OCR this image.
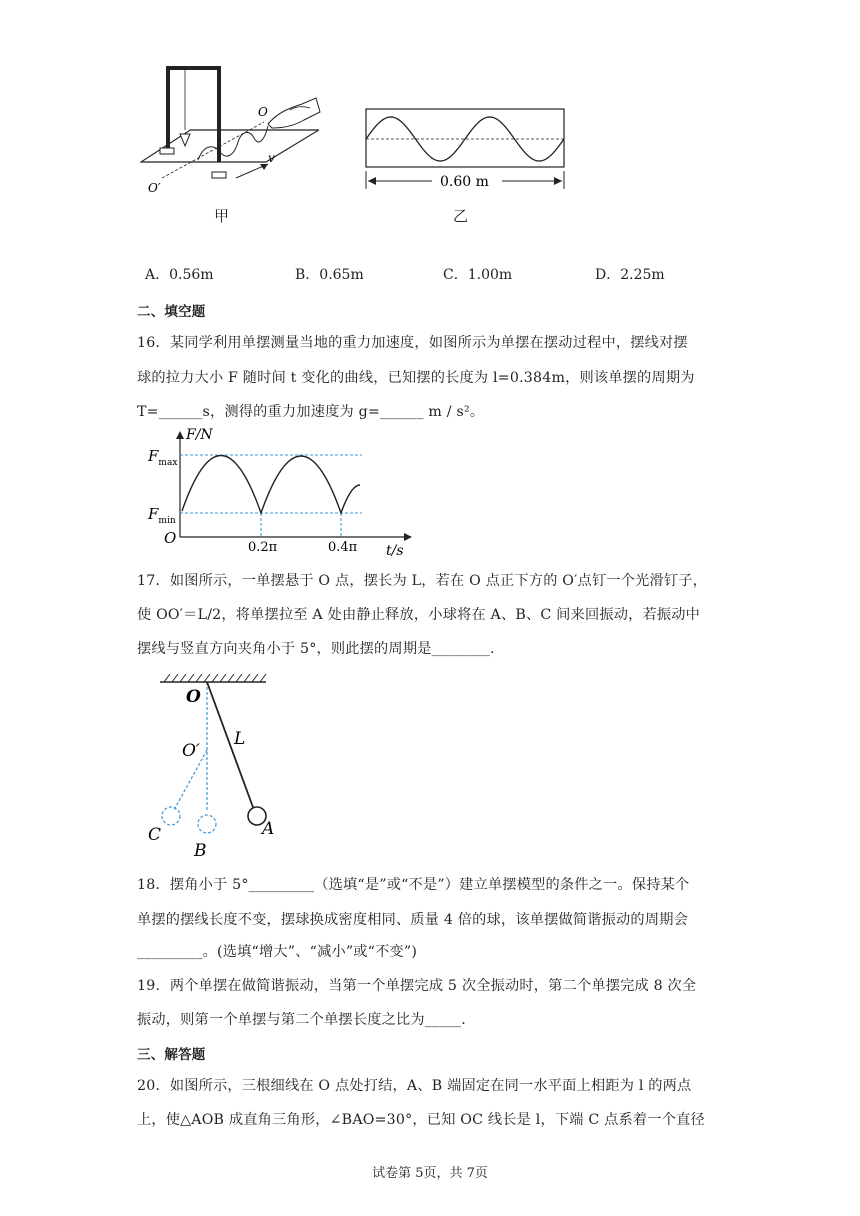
O
O′
v
甲
0.60 m
乙
A．0.56m	B．0.65m	C．1.00m	D．2.25m
二、填空题
16．某同学利用单摆测量当地的重力加速度，如图所示为单摆在摆动过程中，摆线对摆
球的拉力大小 F 随时间 t 变化的曲线，已知摆的长度为 l=0.384m，则该单摆的周期为
T=______s，测得的重力加速度为 g=______ m / s²。
F/N
$F_{max}$
$F_{min}$
O
0.2π	0.4π t/s
17．如图所示，一单摆悬于 O 点，摆长为 L，若在 O 点正下方的 O′点钉一个光滑钉子，
使 OO′＝L/2，将单摆拉至 A 处由静止释放，小球将在 A、B、C 间来回振动，若振动中
摆线与竖直方向夹角小于 5°，则此摆的周期是________.
O
O′
L
A
B
C
18．摆角小于 5°_________（选填“是”或“不是”）建立单摆模型的条件之一。保持某个
单摆的摆线长度不变，摆球换成密度相同、质量 4 倍的球，该单摆做简谐振动的周期会
_________。(选填“增大”、“减小”或“不变”)
19．两个单摆在做简谐振动，当第一个单摆完成 5 次全振动时，第二个单摆完成 8 次全
振动，则第一个单摆与第二个单摆长度之比为_____.
三、解答题
20．如图所示，三根细线在 O 点处打结，A、B 端固定在同一水平面上相距为 l 的两点
上，使△AOB 成直角三角形，∠BAO=30°，已知 OC 线长是 l，下端 C 点系着一个直径
试卷第 5页，共 7页
